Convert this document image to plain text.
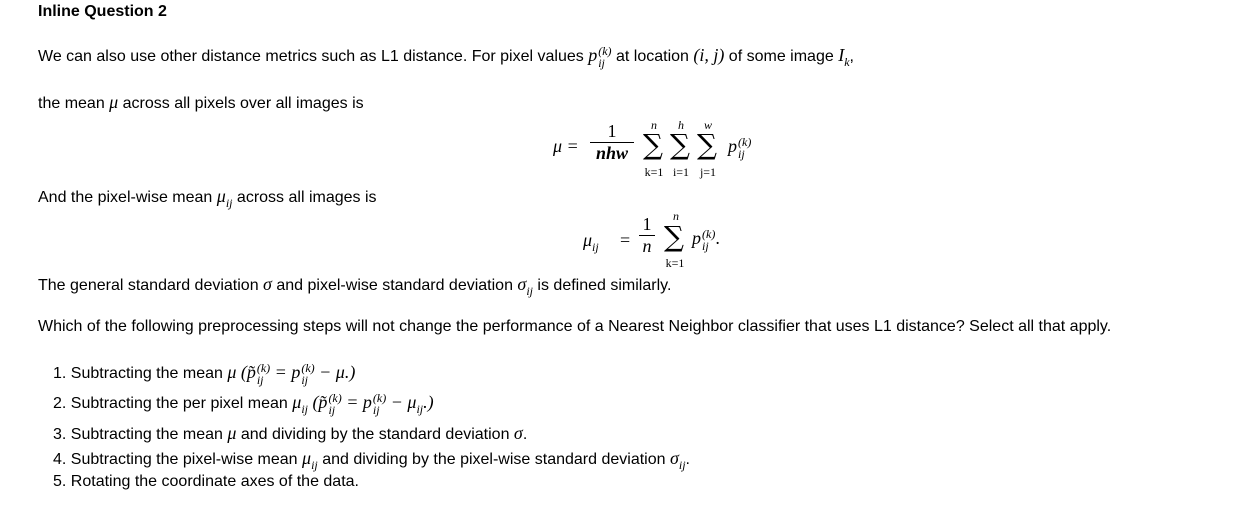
Inline Question 2
We can also use other distance metrics such as L1 distance. For pixel values p (k)
ij at location (i, j) of some image $I_k$,
the mean μ across all pixels over all images is
μ =
1
nhw
n	h	w
∑ ∑ ∑
k=1 i=1 j=1
p (k)
ij
And the pixel-wise mean $\mu_{ij}$ across all images is
$\mu_{ij}$ =
1
n
n
∑
k=1
p (k)
ij .
The general standard deviation σ and pixel-wise standard deviation $\sigma_{ij}$ is defined similarly.
Which of the following preprocessing steps will not change the performance of a Nearest Neighbor classifier that uses L1 distance? Select all that apply.
1. Subtracting the mean μ (p̃ (k)
ij = p (k)
ij − μ.)
2. Subtracting the per pixel mean $\mu_{ij}$ (p̃ (k)
ij = p (k)
ij − $\mu_{ij}$.)
3. Subtracting the mean μ and dividing by the standard deviation σ.
4. Subtracting the pixel-wise mean $\mu_{ij}$ and dividing by the pixel-wise standard deviation $\sigma_{ij}$.
5. Rotating the coordinate axes of the data.
